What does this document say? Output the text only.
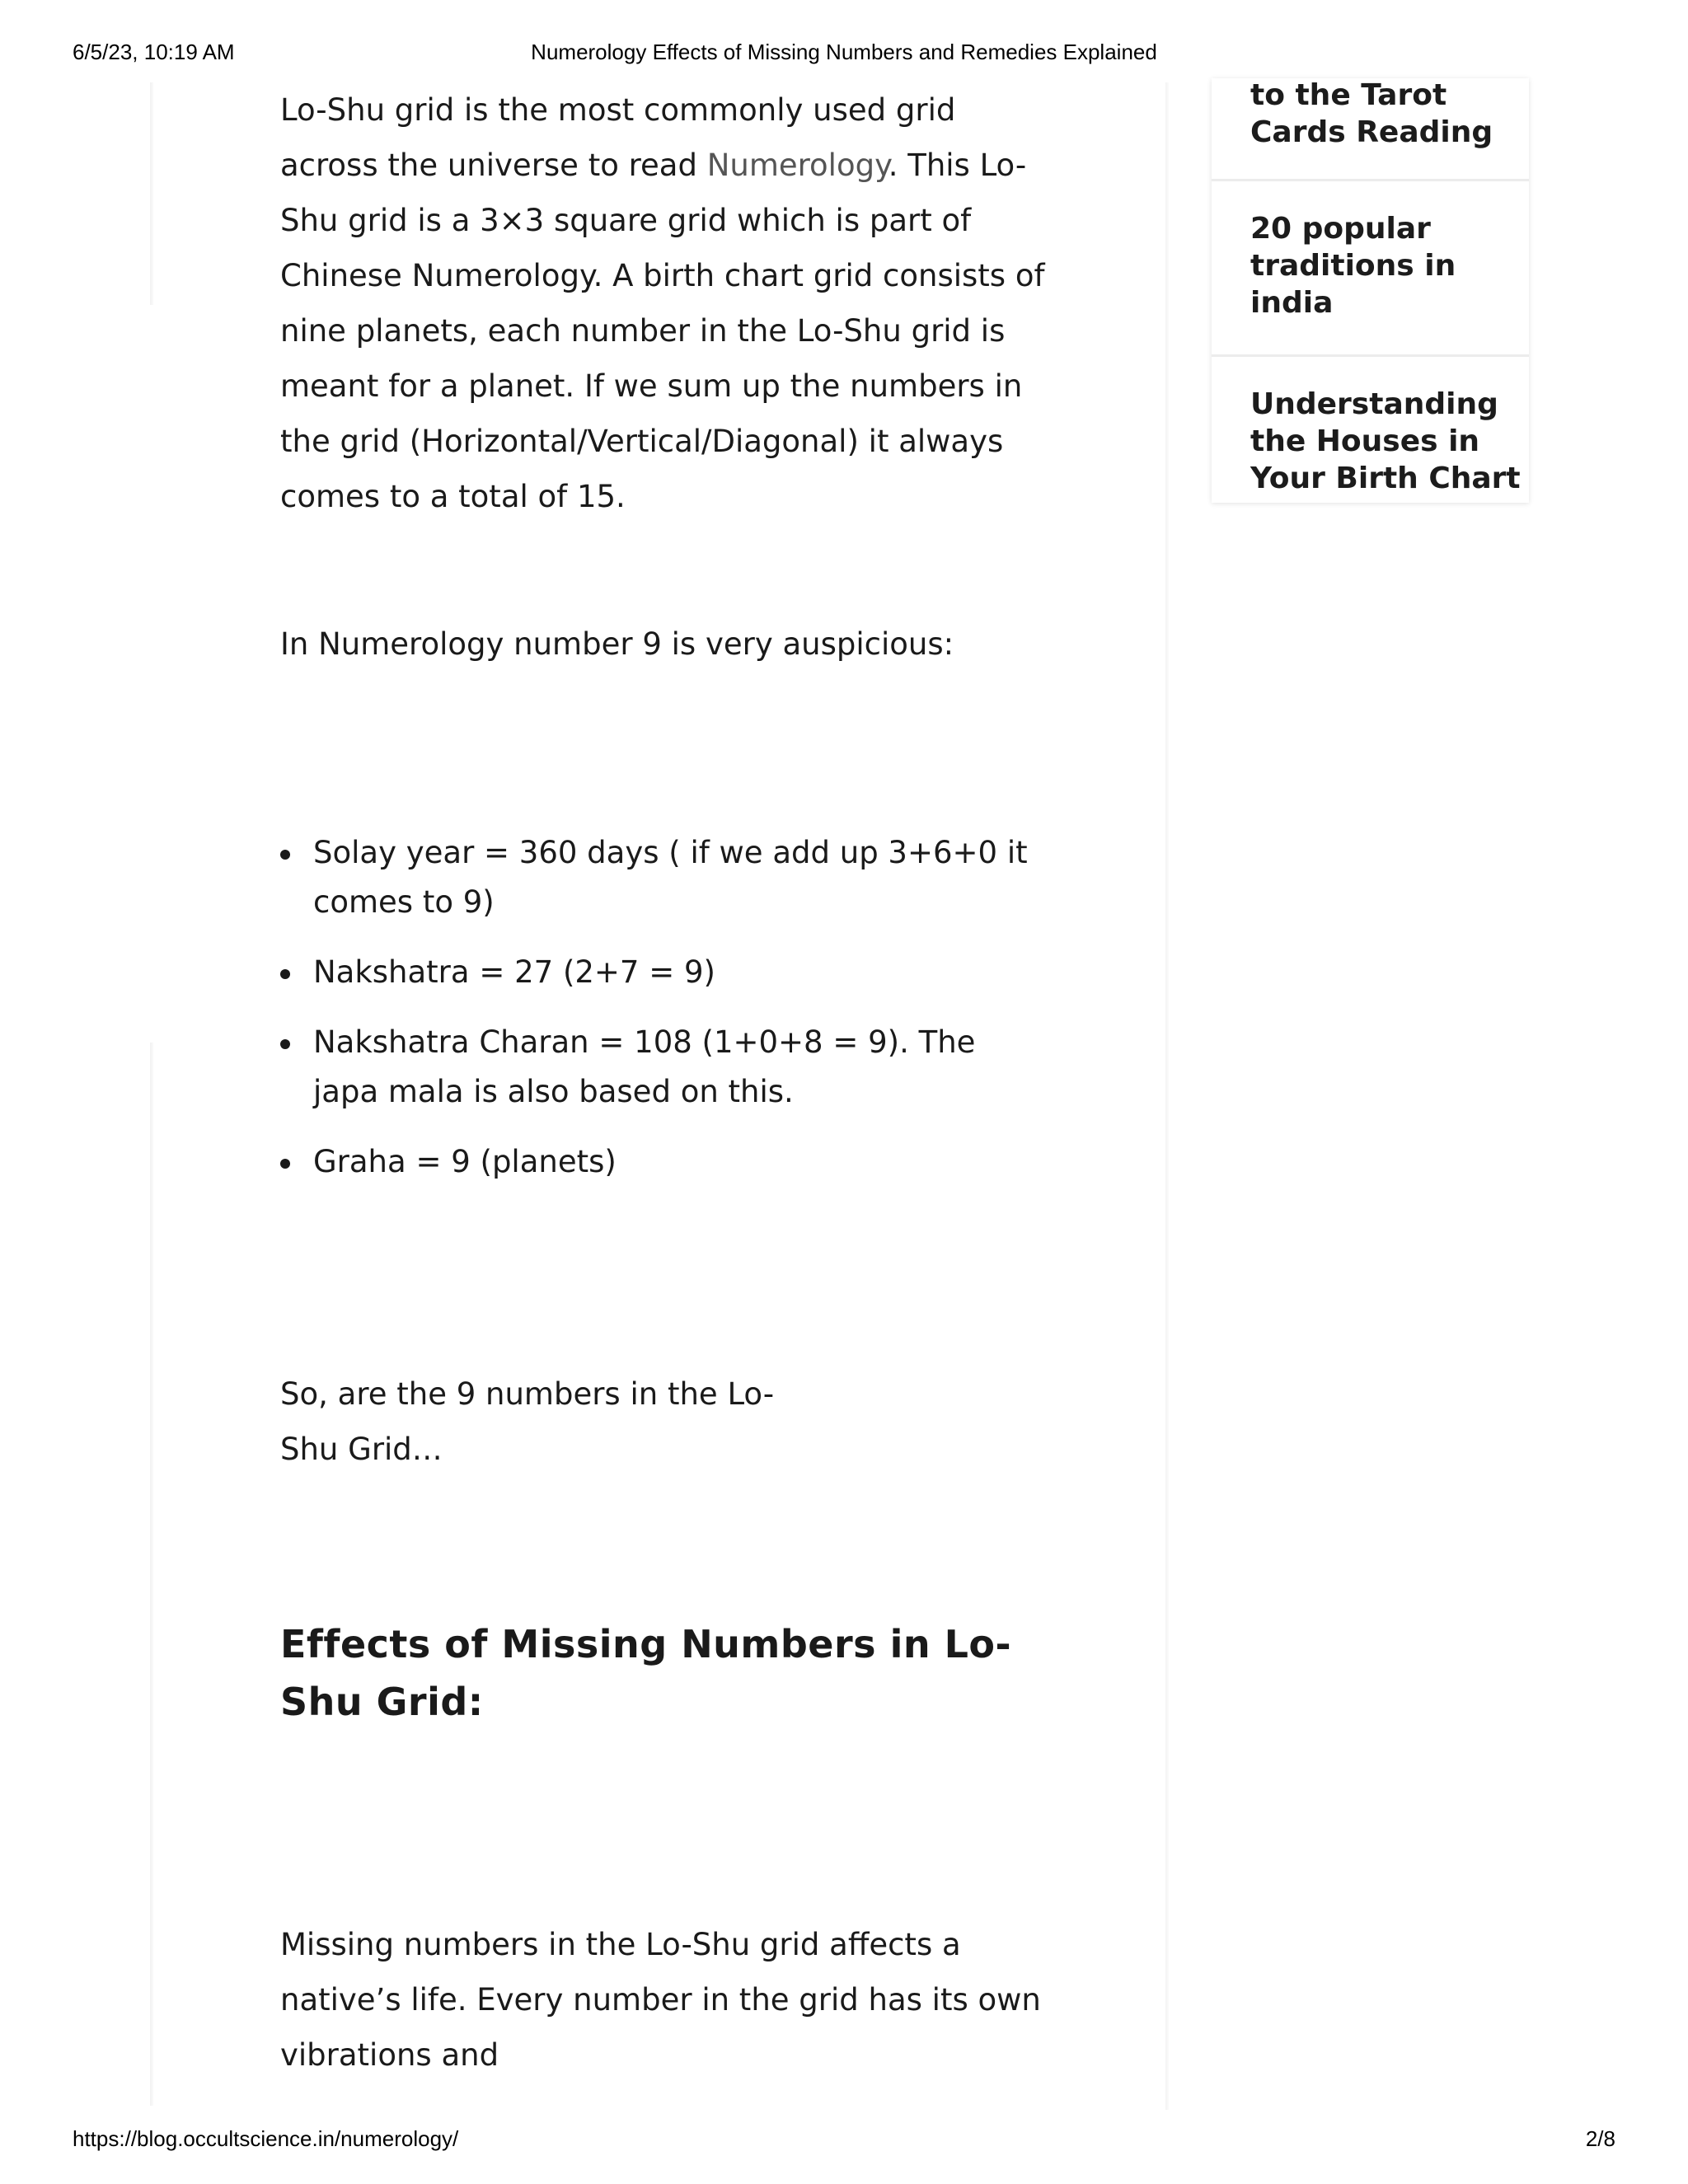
6/5/23, 10:19 AM	Numerology Effects of Missing Numbers and Remedies Explained

Lo-Shu grid is the most commonly used grid across the universe to read Numerology. This Lo-Shu grid is a 3×3 square grid which is part of Chinese Numerology. A birth chart grid consists of nine planets, each number in the Lo-Shu grid is meant for a planet. If we sum up the numbers in the grid (Horizontal/Vertical/Diagonal) it always comes to a total of 15.

In Numerology number 9 is very auspicious:

Solay year = 360 days ( if we add up 3+6+0 it comes to 9)
Nakshatra = 27 (2+7 = 9)
Nakshatra Charan = 108 (1+0+8 = 9). The japa mala is also based on this.
Graha = 9 (planets)

So, are the 9 numbers in the Lo-Shu Grid…

Effects of Missing Numbers in Lo-Shu Grid:

Missing numbers in the Lo-Shu grid affects a native’s life. Every number in the grid has its own vibrations and

to the Tarot Cards Reading
20 popular traditions in india
Understanding the Houses in Your Birth Chart
https://blog.occultscience.in/numerology/	2/8
